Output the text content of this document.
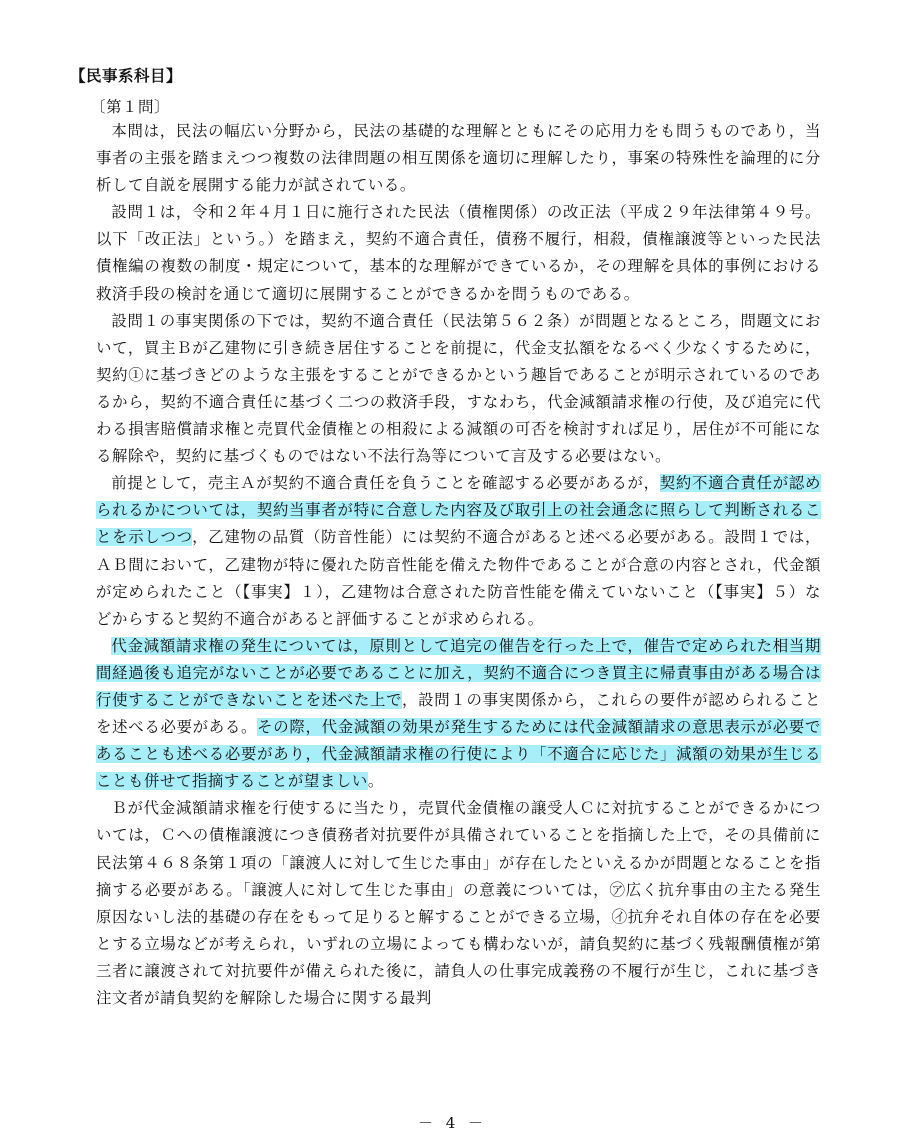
【民事系科目】
〔第１問〕

本問は，民法の幅広い分野から，民法の基礎的な理解とともにその応用力をも問うものであり，当事者の主張を踏まえつつ複数の法律問題の相互関係を適切に理解したり，事案の特殊性を論理的に分析して自説を展開する能力が試されている。

設問１は，令和２年４月１日に施行された民法（債権関係）の改正法（平成２９年法律第４９号。以下「改正法」という。）を踏まえ，契約不適合責任，債務不履行，相殺，債権譲渡等といった民法債権編の複数の制度・規定について，基本的な理解ができているか，その理解を具体的事例における救済手段の検討を通じて適切に展開することができるかを問うものである。

設問１の事実関係の下では，契約不適合責任（民法第５６２条）が問題となるところ，問題文において，買主Ｂが乙建物に引き続き居住することを前提に，代金支払額をなるべく少なくするために，契約①に基づきどのような主張をすることができるかという趣旨であることが明示されているのであるから，契約不適合責任に基づく二つの救済手段，すなわち，代金減額請求権の行使，及び追完に代わる損害賠償請求権と売買代金債権との相殺による減額の可否を検討すれば足り，居住が不可能になる解除や，契約に基づくものではない不法行為等について言及する必要はない。

前提として，売主Ａが契約不適合責任を負うことを確認する必要があるが，契約不適合責任が認められるかについては，契約当事者が特に合意した内容及び取引上の社会通念に照らして判断されることを示しつつ，乙建物の品質（防音性能）には契約不適合があると述べる必要がある。設問１では，ＡＢ間において，乙建物が特に優れた防音性能を備えた物件であることが合意の内容とされ，代金額が定められたこと（【事実】１），乙建物は合意された防音性能を備えていないこと（【事実】５）などからすると契約不適合があると評価することが求められる。

代金減額請求権の発生については，原則として追完の催告を行った上で，催告で定められた相当期間経過後も追完がないことが必要であることに加え，契約不適合につき買主に帰責事由がある場合は行使することができないことを述べた上で，設問１の事実関係から，これらの要件が認められることを述べる必要がある。その際，代金減額の効果が発生するためには代金減額請求の意思表示が必要であることも述べる必要があり，代金減額請求権の行使により「不適合に応じた」減額の効果が生じることも併せて指摘することが望ましい。

Ｂが代金減額請求権を行使するに当たり，売買代金債権の譲受人Ｃに対抗することができるかについては，Ｃへの債権譲渡につき債務者対抗要件が具備されていることを指摘した上で，その具備前に民法第４６８条第１項の「譲渡人に対して生じた事由」が存在したといえるかが問題となることを指摘する必要がある。「譲渡人に対して生じた事由」の意義については，㋐広く抗弁事由の主たる発生原因ないし法的基礎の存在をもって足りると解することができる立場，㋑抗弁それ自体の存在を必要とする立場などが考えられ，いずれの立場によっても構わないが，請負契約に基づく残報酬債権が第三者に譲渡されて対抗要件が備えられた後に，請負人の仕事完成義務の不履行が生じ，これに基づき注文者が請負契約を解除した場合に関する最判

－ 4 －
